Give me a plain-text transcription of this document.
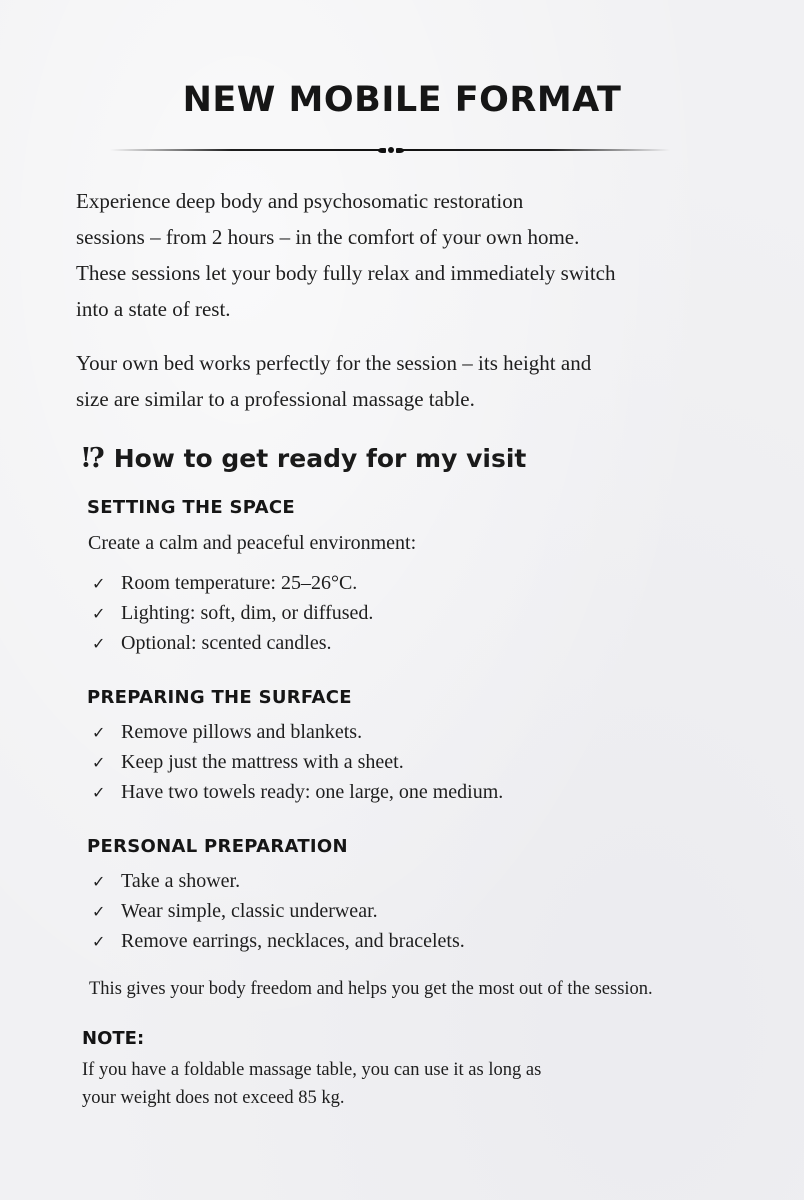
NEW MOBILE FORMAT
Experience deep body and psychosomatic restoration
sessions – from 2 hours – in the comfort of your own home.
These sessions let your body fully relax and immediately switch
into a state of rest.
Your own bed works perfectly for the session – its height and
size are similar to a professional massage table.
!? How to get ready for my visit
SETTING THE SPACE

Create a calm and peaceful environment:

✓ Room temperature: 25–26°C.
✓ Lighting: soft, dim, or diffused.
✓ Optional: scented candles.
PREPARING THE SURFACE
✓ Remove pillows and blankets.
✓ Keep just the mattress with a sheet.
✓ Have two towels ready: one large, one medium.
PERSONAL PREPARATION
✓ Take a shower.
✓ Wear simple, classic underwear.
✓ Remove earrings, necklaces, and bracelets.

This gives your body freedom and helps you get the most out of the session.

NOTE:
If you have a foldable massage table, you can use it as long as
your weight does not exceed 85 kg.
